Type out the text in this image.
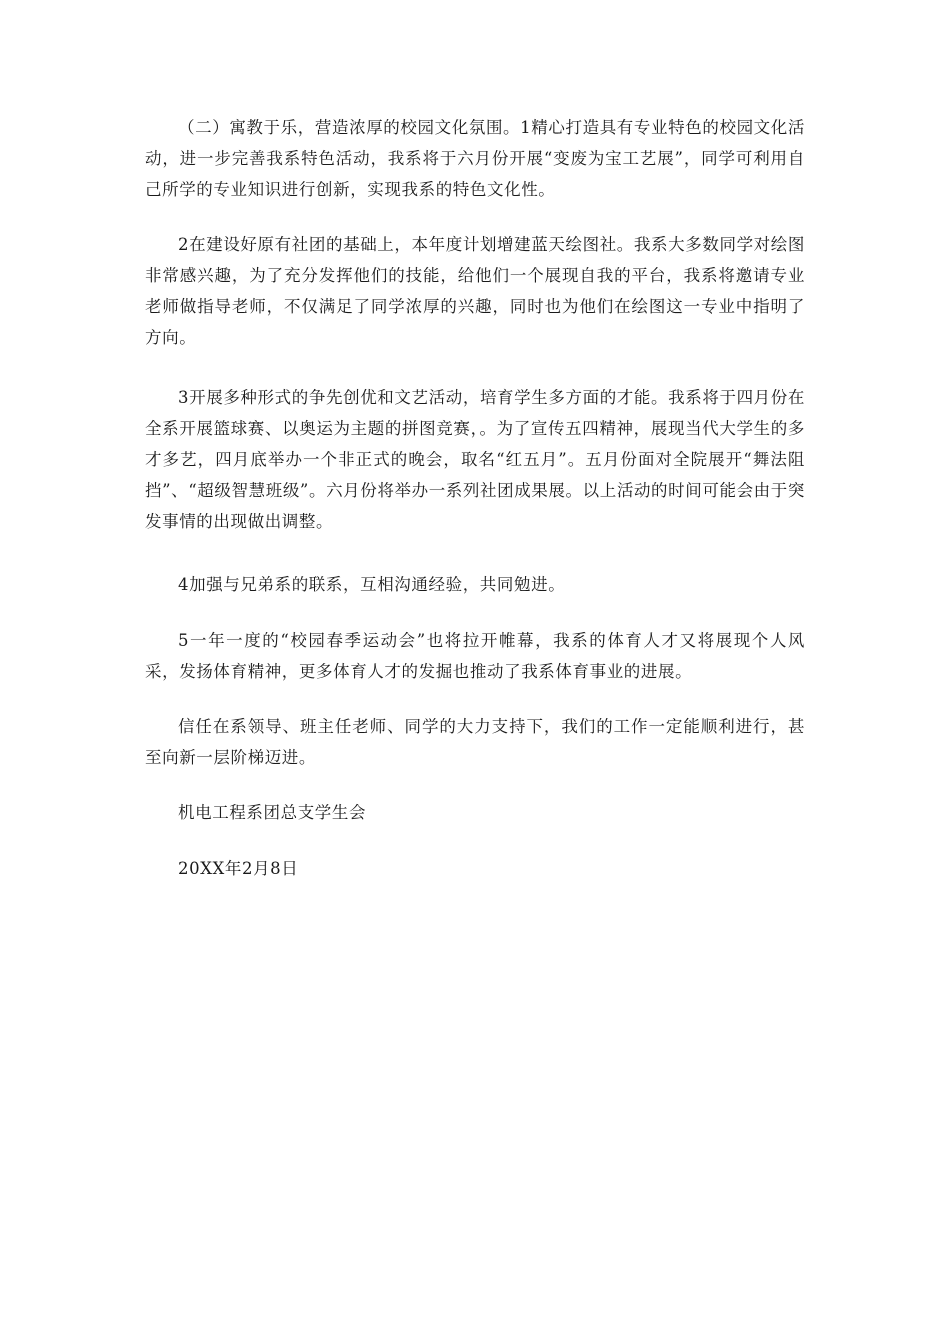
（二）寓教于乐，营造浓厚的校园文化氛围。1精心打造具有专业特色的校园文化活动，进一步完善我系特色活动，我系将于六月份开展“变废为宝工艺展”，同学可利用自己所学的专业知识进行创新，实现我系的特色文化性。

2在建设好原有社团的基础上，本年度计划增建蓝天绘图社。我系大多数同学对绘图非常感兴趣，为了充分发挥他们的技能，给他们一个展现自我的平台，我系将邀请专业老师做指导老师，不仅满足了同学浓厚的兴趣，同时也为他们在绘图这一专业中指明了方向。

3开展多种形式的争先创优和文艺活动，培育学生多方面的才能。我系将于四月份在全系开展篮球赛、以奥运为主题的拼图竞赛，。为了宣传五四精神，展现当代大学生的多才多艺，四月底举办一个非正式的晚会，取名“红五月”。五月份面对全院展开“舞法阻挡”、“超级智慧班级”。六月份将举办一系列社团成果展。以上活动的时间可能会由于突发事情的出现做出调整。

4加强与兄弟系的联系，互相沟通经验，共同勉进。

5一年一度的“校园春季运动会”也将拉开帷幕，我系的体育人才又将展现个人风采，发扬体育精神，更多体育人才的发掘也推动了我系体育事业的进展。

信任在系领导、班主任老师、同学的大力支持下，我们的工作一定能顺利进行，甚至向新一层阶梯迈进。

机电工程系团总支学生会

20XX年2月8日
